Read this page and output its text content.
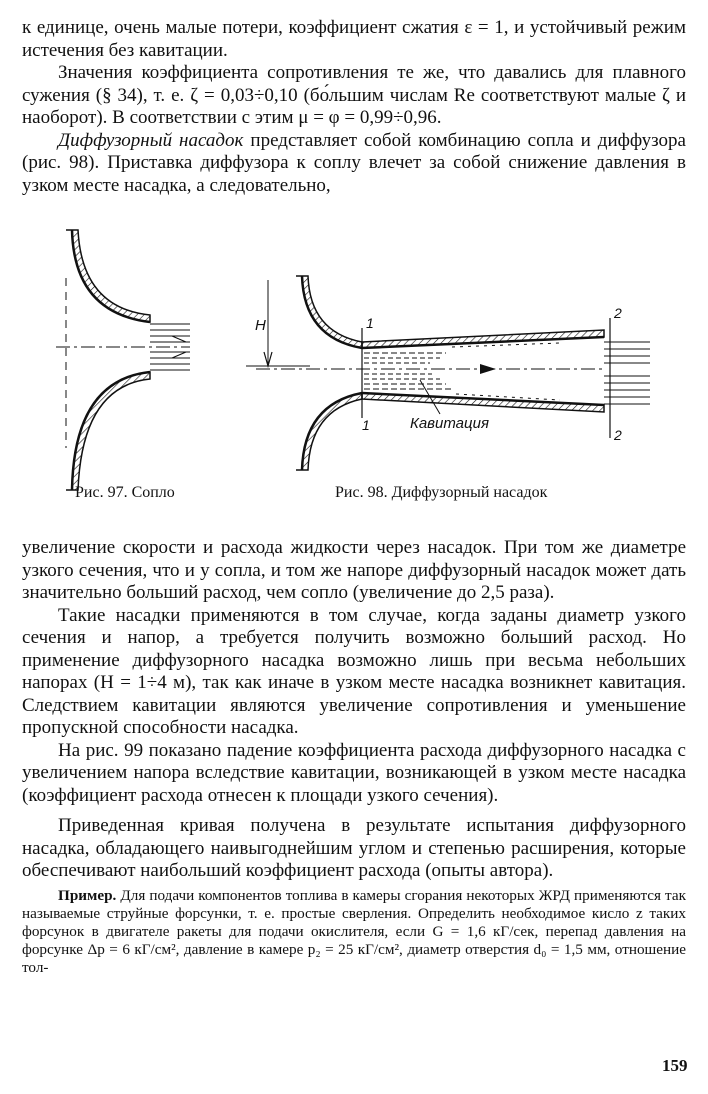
к единице, очень малые потери, коэффициент сжатия ε = 1, и устойчивый режим истечения без кавитации.

Значения коэффициента сопротивления те же, что давались для плавного сужения (§ 34), т. е. ζ = 0,03÷0,10 (бо́льшим числам Re соответствуют малые ζ и наоборот). В соответствии с этим μ = φ = 0,99÷0,96.

Диффузорный насадок представляет собой комбинацию сопла и диффузора (рис. 98). Приставка диффузора к соплу влечет за собой снижение давления в узком месте насадка, а следовательно,

H
Кавитация
1
1
2
2
Рис. 97. Сопло	Рис. 98. Диффузорный насадок

увеличение скорости и расхода жидкости через насадок. При том же диаметре узкого сечения, что и у сопла, и том же напоре диффузорный насадок может дать значительно больший расход, чем сопло (увеличение до 2,5 раза).

Такие насадки применяются в том случае, когда заданы диаметр узкого сечения и напор, а требуется получить возможно больший расход. Но применение диффузорного насадка возможно лишь при весьма небольших напорах (H = 1÷4 м), так как иначе в узком месте насадка возникнет кавитация. Следствием кавитации являются увеличение сопротивления и уменьшение пропускной способности насадка.

На рис. 99 показано падение коэффициента расхода диффузорного насадка с увеличением напора вследствие кавитации, возникающей в узком месте насадка (коэффициент расхода отнесен к площади узкого сечения).

Приведенная кривая получена в результате испытания диффузорного насадка, обладающего наивыгоднейшим углом и степенью расширения, которые обеспечивают наибольший коэффициент расхода (опыты автора).

Пример. Для подачи компонентов топлива в камеры сгорания некоторых ЖРД применяются так называемые струйные форсунки, т. е. простые сверления. Определить необходимое кисло z таких форсунок в двигателе ракеты для подачи окислителя, если G = 1,6 кГ/сек, перепад давления на форсунке Δp = 6 кГ/см², давление в камере p₂ = 25 кГ/см², диаметр отверстия d₀ = 1,5 мм, отношение тол-

159
